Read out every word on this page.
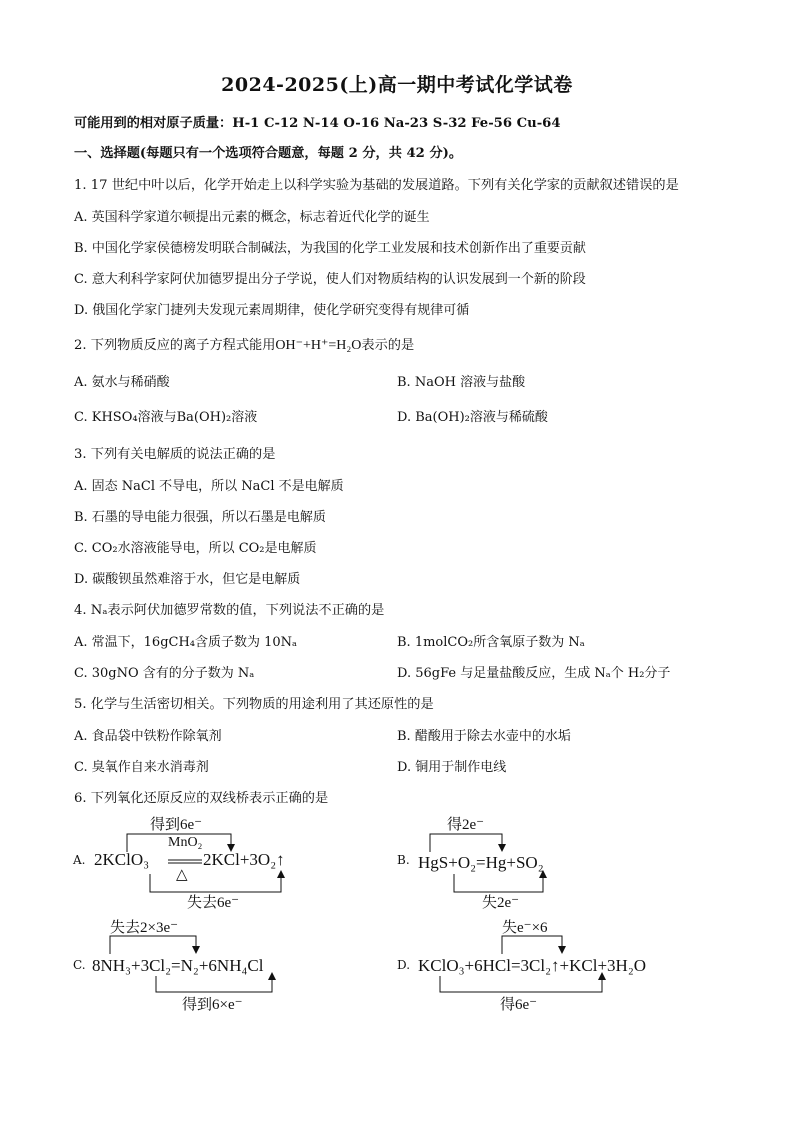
2024-2025(上)高一期中考试化学试卷
可能用到的相对原子质量：H-1 C-12 N-14 O-16 Na-23 S-32 Fe-56 Cu-64
一、选择题(每题只有一个选项符合题意，每题 2 分，共 42 分)。
1. 17 世纪中叶以后，化学开始走上以科学实验为基础的发展道路。下列有关化学家的贡献叙述错误的是
A. 英国科学家道尔顿提出元素的概念，标志着近代化学的诞生
B. 中国化学家侯德榜发明联合制碱法，为我国的化学工业发展和技术创新作出了重要贡献
C. 意大利科学家阿伏加德罗提出分子学说，使人们对物质结构的认识发展到一个新的阶段
D. 俄国化学家门捷列夫发现元素周期律，使化学研究变得有规律可循
2. 下列物质反应的离子方程式能用OH⁻+H⁺=H₂O表示的是
A. 氨水与稀硝酸	B. NaOH 溶液与盐酸
C. KHSO₄溶液与Ba(OH)₂溶液	D. Ba(OH)₂溶液与稀硫酸
3. 下列有关电解质的说法正确的是
A. 固态 NaCl 不导电，所以 NaCl 不是电解质
B. 石墨的导电能力很强，所以石墨是电解质
C. CO₂水溶液能导电，所以 CO₂是电解质
D. 碳酸钡虽然难溶于水，但它是电解质
4. Nₐ表示阿伏加德罗常数的值，下列说法不正确的是
A. 常温下，16gCH₄含质子数为 10Nₐ	B. 1molCO₂所含氧原子数为 Nₐ
C. 30gNO 含有的分子数为 Nₐ	D. 56gFe 与足量盐酸反应，生成 Nₐ个 H₂分子
5. 化学与生活密切相关。下列物质的用途利用了其还原性的是
A. 食品袋中铁粉作除氧剂	B. 醋酸用于除去水壶中的水垢
C. 臭氧作自来水消毒剂	D. 铜用于制作电线
6. 下列氧化还原反应的双线桥表示正确的是
A.
得到6e⁻
MnO₂
2KClO₃	2KCl+3O₂↑
△
失去6e⁻
B.
得2e⁻
HgS+O₂=Hg+SO₂
失2e⁻
C.
失去2×3e⁻
8NH₃+3Cl₂=N₂+6NH₄Cl
得到6×e⁻
D.
失e⁻×6
KClO₃+6HCl=3Cl₂↑+KCl+3H₂O
得6e⁻
